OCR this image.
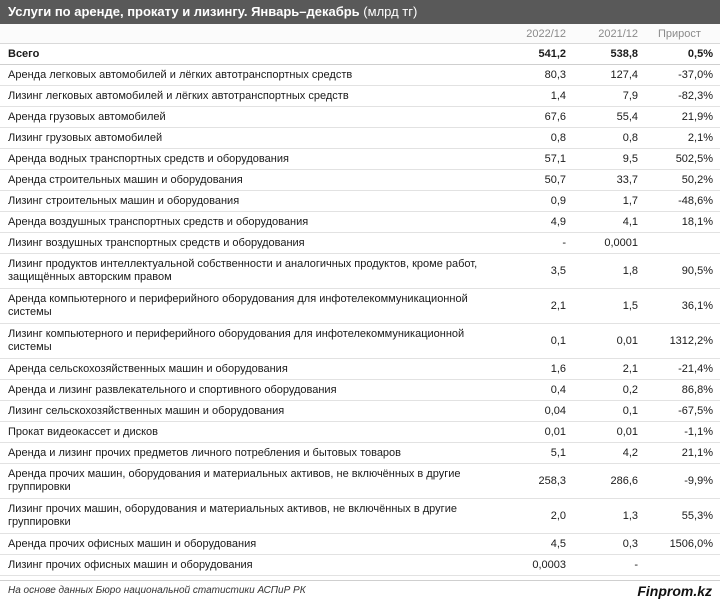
Услуги по аренде, прокату и лизингу. Январь–декабрь (млрд тг)
	2022/12	2021/12	Прирост
Всего	541,2	538,8	0,5%
Аренда легковых автомобилей и лёгких автотранспортных средств	80,3	127,4	-37,0%
Лизинг легковых автомобилей и лёгких автотранспортных средств	1,4	7,9	-82,3%
Аренда грузовых автомобилей	67,6	55,4	21,9%
Лизинг грузовых автомобилей	0,8	0,8	2,1%
Аренда водных транспортных средств и оборудования	57,1	9,5	502,5%
Аренда строительных машин и оборудования	50,7	33,7	50,2%
Лизинг строительных машин и оборудования	0,9	1,7	-48,6%
Аренда воздушных транспортных средств и оборудования	4,9	4,1	18,1%
Лизинг воздушных транспортных средств и оборудования	-	0,0001	
Лизинг продуктов интеллектуальной собственности и аналогичных продуктов, кроме работ, защищённых авторским правом	3,5	1,8	90,5%
Аренда компьютерного и периферийного оборудования для инфотелекоммуникационной системы	2,1	1,5	36,1%
Лизинг компьютерного и периферийного оборудования для инфотелекоммуникационной системы	0,1	0,01	1312,2%
Аренда сельскохозяйственных машин и оборудования	1,6	2,1	-21,4%
Аренда и лизинг развлекательного и спортивного оборудования	0,4	0,2	86,8%
Лизинг сельскохозяйственных машин и оборудования	0,04	0,1	-67,5%
Прокат видеокассет и дисков	0,01	0,01	-1,1%
Аренда и лизинг прочих предметов личного потребления и бытовых товаров	5,1	4,2	21,1%
Аренда прочих машин, оборудования и материальных активов, не включённых в другие группировки	258,3	286,6	-9,9%
Лизинг прочих машин, оборудования и материальных активов, не включённых в другие группировки	2,0	1,3	55,3%
Аренда прочих офисных машин и оборудования	4,5	0,3	1506,0%
Лизинг прочих офисных машин и оборудования	0,0003	-	
На основе данных Бюро национальной статистики АСПиР РК	Finprom.kz
